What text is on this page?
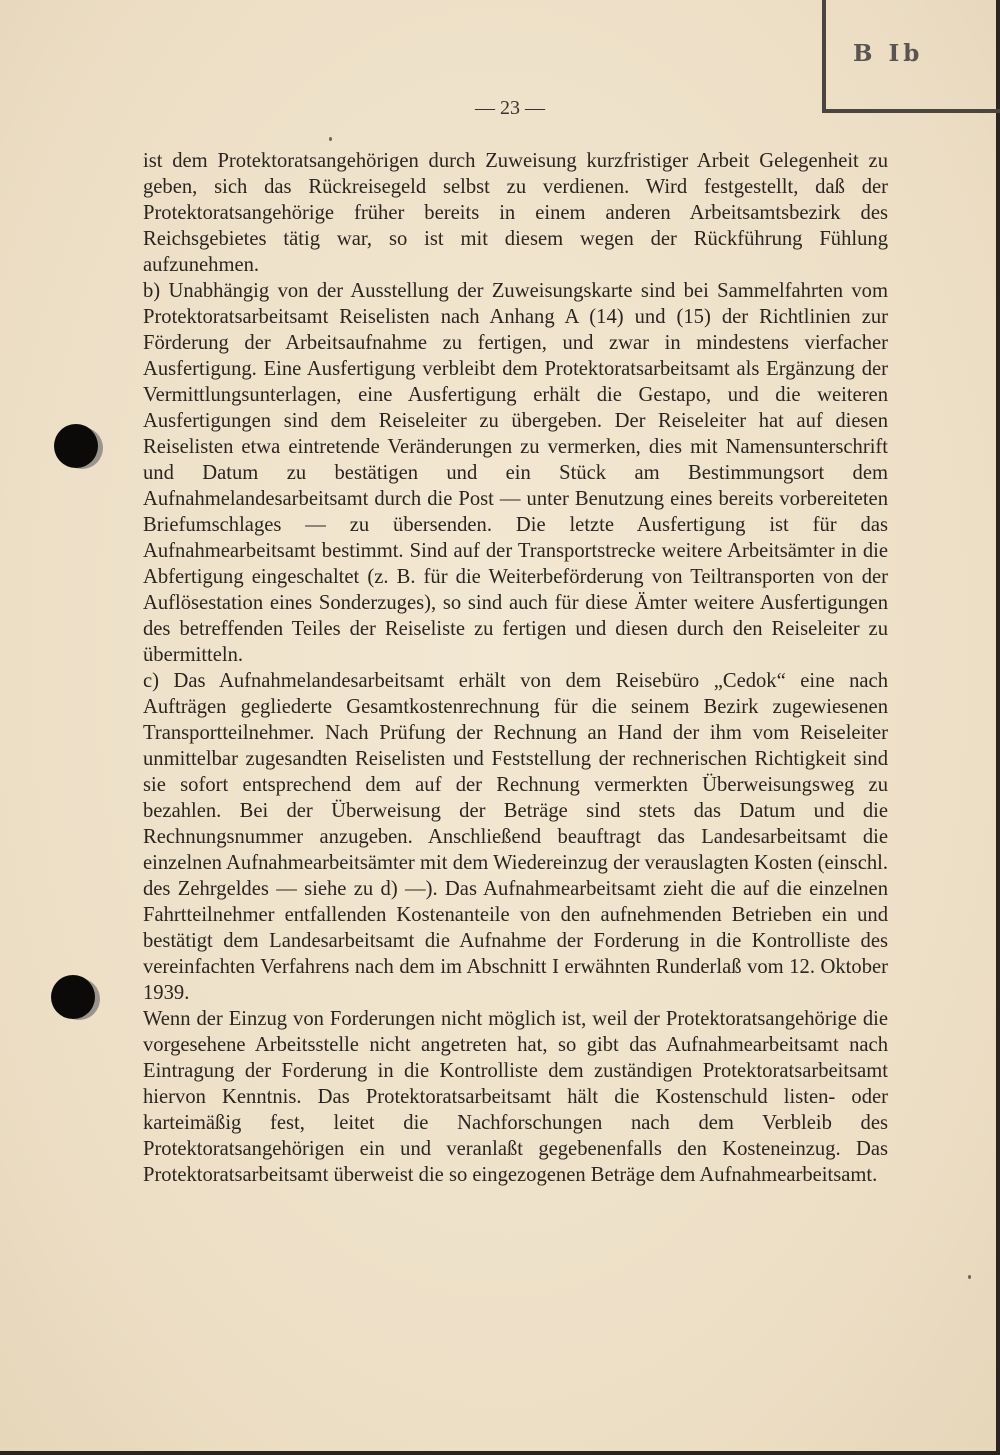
B Ib
— 23 —

ist dem Protektoratsangehörigen durch Zuweisung kurzfristiger Arbeit Gelegenheit zu geben, sich das Rückreisegeld selbst zu verdienen. Wird festgestellt, daß der Protektoratsangehörige früher bereits in einem anderen Arbeitsamtsbezirk des Reichsgebietes tätig war, so ist mit diesem wegen der Rückführung Fühlung aufzunehmen.

b) Unabhängig von der Ausstellung der Zuweisungskarte sind bei Sammelfahrten vom Protektoratsarbeitsamt Reiselisten nach Anhang A (14) und (15) der Richtlinien zur Förderung der Arbeitsaufnahme zu fertigen, und zwar in mindestens vierfacher Ausfertigung. Eine Ausfertigung verbleibt dem Protektoratsarbeitsamt als Ergänzung der Vermittlungsunterlagen, eine Ausfertigung erhält die Gestapo, und die weiteren Ausfertigungen sind dem Reiseleiter zu übergeben. Der Reiseleiter hat auf diesen Reiselisten etwa eintretende Veränderungen zu vermerken, dies mit Namensunterschrift und Datum zu bestätigen und ein Stück am Bestimmungsort dem Aufnahmelandesarbeitsamt durch die Post — unter Benutzung eines bereits vorbereiteten Briefumschlages — zu übersenden. Die letzte Ausfertigung ist für das Aufnahmearbeitsamt bestimmt. Sind auf der Transportstrecke weitere Arbeitsämter in die Abfertigung eingeschaltet (z. B. für die Weiterbeförderung von Teiltransporten von der Auflösestation eines Sonderzuges), so sind auch für diese Ämter weitere Ausfertigungen des betreffenden Teiles der Reiseliste zu fertigen und diesen durch den Reiseleiter zu übermitteln.

c) Das Aufnahmelandesarbeitsamt erhält von dem Reisebüro „Cedok“ eine nach Aufträgen gegliederte Gesamtkostenrechnung für die seinem Bezirk zugewiesenen Transportteilnehmer. Nach Prüfung der Rechnung an Hand der ihm vom Reiseleiter unmittelbar zugesandten Reiselisten und Feststellung der rechnerischen Richtigkeit sind sie sofort entsprechend dem auf der Rechnung vermerkten Überweisungsweg zu bezahlen. Bei der Überweisung der Beträge sind stets das Datum und die Rechnungsnummer anzugeben. Anschließend beauftragt das Landesarbeitsamt die einzelnen Aufnahmearbeitsämter mit dem Wiedereinzug der verauslagten Kosten (einschl. des Zehrgeldes — siehe zu d) —). Das Aufnahmearbeitsamt zieht die auf die einzelnen Fahrtteilnehmer entfallenden Kostenanteile von den aufnehmenden Betrieben ein und bestätigt dem Landesarbeitsamt die Aufnahme der Forderung in die Kontrolliste des vereinfachten Verfahrens nach dem im Abschnitt I erwähnten Runderlaß vom 12. Oktober 1939.

Wenn der Einzug von Forderungen nicht möglich ist, weil der Protektoratsangehörige die vorgesehene Arbeitsstelle nicht angetreten hat, so gibt das Aufnahmearbeitsamt nach Eintragung der Forderung in die Kontrolliste dem zuständigen Protektoratsarbeitsamt hiervon Kenntnis. Das Protektoratsarbeitsamt hält die Kostenschuld listen- oder karteimäßig fest, leitet die Nachforschungen nach dem Verbleib des Protektoratsangehörigen ein und veranlaßt gegebenenfalls den Kosteneinzug. Das Protektoratsarbeitsamt überweist die so eingezogenen Beträge dem Aufnahmearbeitsamt.
